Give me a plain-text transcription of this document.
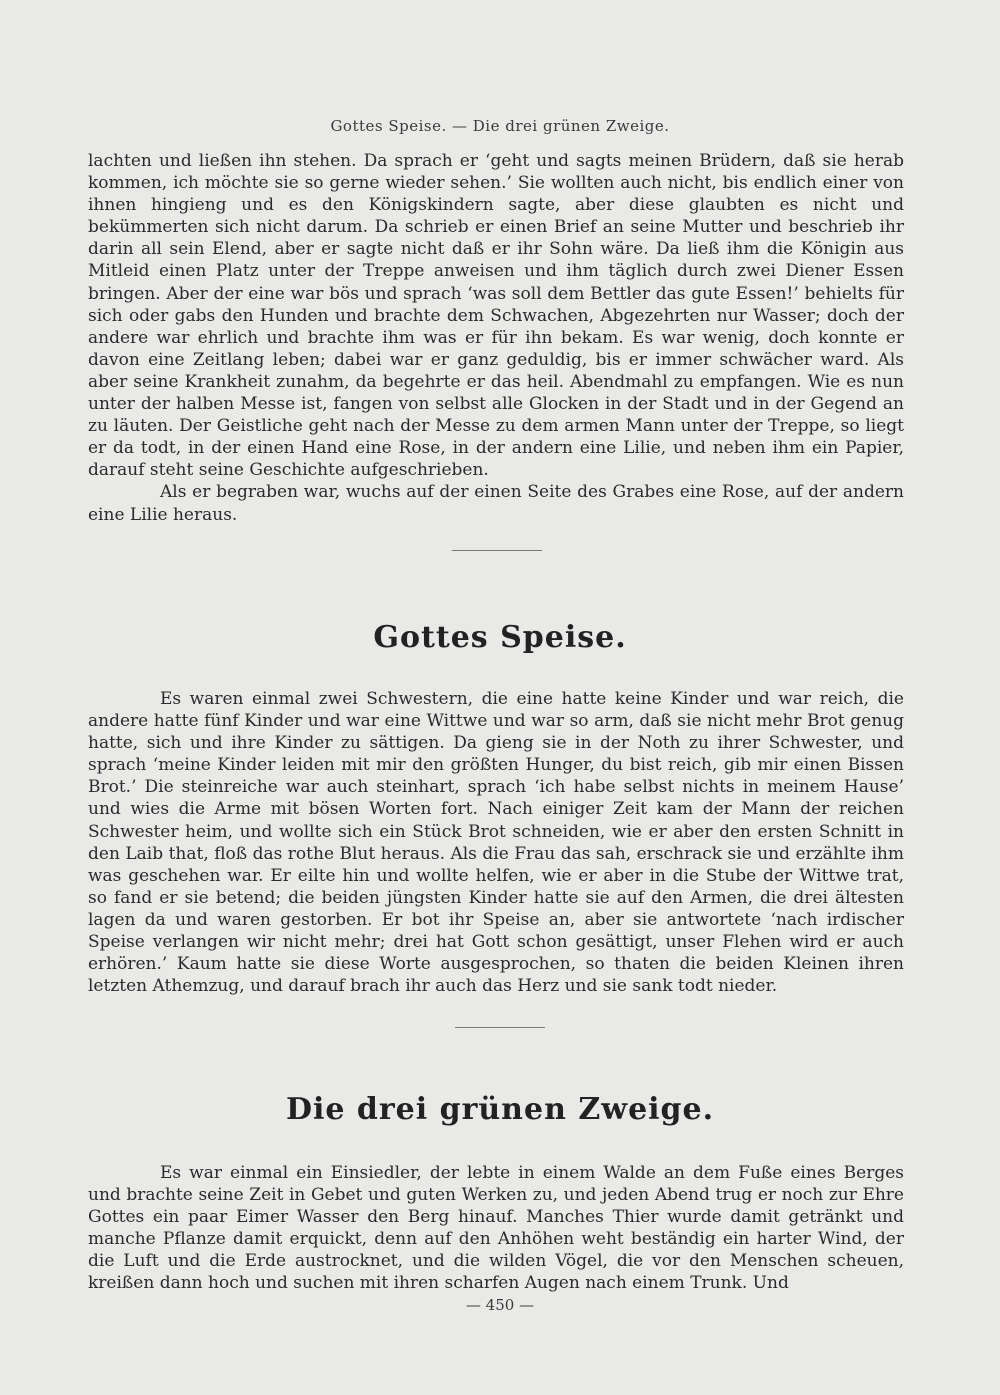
Gottes Speise. — Die drei grünen Zweige.

lachten und ließen ihn stehen. Da sprach er ‘geht und sagts meinen Brüdern, daß sie herab kommen, ich möchte sie so gerne wieder sehen.’ Sie wollten auch nicht, bis endlich einer von ihnen hingieng und es den Königskindern sagte, aber diese glaubten es nicht und bekümmerten sich nicht darum. Da schrieb er einen Brief an seine Mutter und beschrieb ihr darin all sein Elend, aber er sagte nicht daß er ihr Sohn wäre. Da ließ ihm die Königin aus Mitleid einen Platz unter der Treppe anweisen und ihm täglich durch zwei Diener Essen bringen. Aber der eine war bös und sprach ‘was soll dem Bettler das gute Essen!’ behielts für sich oder gabs den Hunden und brachte dem Schwachen, Abgezehrten nur Wasser; doch der andere war ehrlich und brachte ihm was er für ihn bekam. Es war wenig, doch konnte er davon eine Zeitlang leben; dabei war er ganz geduldig, bis er immer schwächer ward. Als aber seine Krankheit zunahm, da begehrte er das heil. Abendmahl zu empfangen. Wie es nun unter der halben Messe ist, fangen von selbst alle Glocken in der Stadt und in der Gegend an zu läuten. Der Geistliche geht nach der Messe zu dem armen Mann unter der Treppe, so liegt er da todt, in der einen Hand eine Rose, in der andern eine Lilie, und neben ihm ein Papier, darauf steht seine Geschichte aufgeschrieben.

Als er begraben war, wuchs auf der einen Seite des Grabes eine Rose, auf der andern eine Lilie heraus.

Gottes Speise.

Es waren einmal zwei Schwestern, die eine hatte keine Kinder und war reich, die andere hatte fünf Kinder und war eine Wittwe und war so arm, daß sie nicht mehr Brot genug hatte, sich und ihre Kinder zu sättigen. Da gieng sie in der Noth zu ihrer Schwester, und sprach ‘meine Kinder leiden mit mir den größten Hunger, du bist reich, gib mir einen Bissen Brot.’ Die steinreiche war auch steinhart, sprach ‘ich habe selbst nichts in meinem Hause’ und wies die Arme mit bösen Worten fort. Nach einiger Zeit kam der Mann der reichen Schwester heim, und wollte sich ein Stück Brot schneiden, wie er aber den ersten Schnitt in den Laib that, floß das rothe Blut heraus. Als die Frau das sah, erschrack sie und erzählte ihm was geschehen war. Er eilte hin und wollte helfen, wie er aber in die Stube der Wittwe trat, so fand er sie betend; die beiden jüngsten Kinder hatte sie auf den Armen, die drei ältesten lagen da und waren gestorben. Er bot ihr Speise an, aber sie antwortete ‘nach irdischer Speise verlangen wir nicht mehr; drei hat Gott schon gesättigt, unser Flehen wird er auch erhören.’ Kaum hatte sie diese Worte ausgesprochen, so thaten die beiden Kleinen ihren letzten Athemzug, und darauf brach ihr auch das Herz und sie sank todt nieder.

Die drei grünen Zweige.

Es war einmal ein Einsiedler, der lebte in einem Walde an dem Fuße eines Berges und brachte seine Zeit in Gebet und guten Werken zu, und jeden Abend trug er noch zur Ehre Gottes ein paar Eimer Wasser den Berg hinauf. Manches Thier wurde damit getränkt und manche Pflanze damit erquickt, denn auf den Anhöhen weht beständig ein harter Wind, der die Luft und die Erde austrocknet, und die wilden Vögel, die vor den Menschen scheuen, kreißen dann hoch und suchen mit ihren scharfen Augen nach einem Trunk. Und

— 450 —
